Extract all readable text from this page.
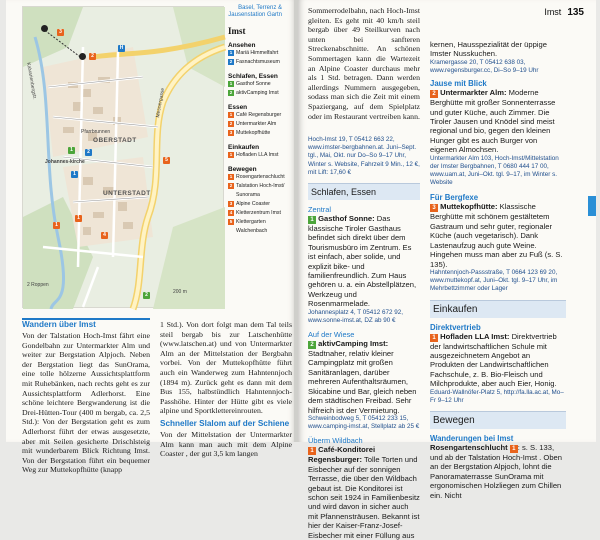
Basel, Terrenz &
Jausenstation Gartn
OBERSTADT
UNTERSTADT
Mesnergasse
Kalvarienbergstr.
Pfarrbrunnen
Johannes-kirche
200 m
2 Roppen
2
3
1
2
1
2
1
1
4
5
H
Imst
Ansehen
1 Mariä Himmelfahrt
2 Fasnachtsmuseum
Schlafen, Essen
1 Gasthof Sonne
2 aktivCamping Imst
Essen
1 Café Regensburger
2 Untermarkter Alm
3 Muttekopfhütte
Einkaufen
1 Hofladen LLA Imst
Bewegen
1 Rosengartenschlucht
2 Talstation Hoch-Imst/
Sunorama
3 Alpine Coaster
4 Kletterzentrum Imst
5 Klettergarten
Walchenbach
Wandern über Imst
Von der Talstation Hoch-Imst fährt eine Gondelbahn zur Untermarkter Alm und weiter zur Bergstation Alpjoch. Neben der Bergstation liegt das SunOrama, eine tolle hölzerne Aussichtsplattform mit Ruhebänken, nach rechts geht es zur Aussichtsplattform Adlerhorst. Eine schöne leichtere Bergwanderung ist die Drei-Hütten-Tour (400 m bergab, ca. 2,5 Std.): Von der Bergstation geht es zum Adlerhorst führt der etwas ausgesetzte, aber mit Seilen gesicherte Drischlsteig mit wunderbarem Blick Richtung Imst. Von der Bergstation führt ein bequemer Weg zur Muttekopfhütte (knapp
1 Std.). Von dort folgt man dem Tal teils steil bergab bis zur Latschenhütte (www.latschen.at) und von Untermarkter Alm an der Mittelstation der Bergbahn vorbei. Von der Muttekopfhütte führt auch ein Wanderweg zum Hahntennjoch (1894 m). Zurück geht es dann mit dem Bus 155, halbstündlich Hahntennjoch-Passhöhe. Hinter der Hütte gibt es viele alpine und Sportklettereinrouten.
Schneller Slalom auf der Schiene
Von der Mittelstation der Untermarkter Alm kann man auch mit dem Alpine Coaster , der gut 3,5 km langen
Imst 135
Sommerrodelbahn, nach Hoch-Imst gleiten. Es geht mit 40 km/h steil bergab über 49 Steilkurven nach unten bei sanfteren Streckenabschnitte. An schönen Sommertagen kann die Wartezeit an Alpine Coaster durchaus mehr als 1 Std. betragen. Dann werden allerdings Nummern ausgegeben, sodass man sich die Zeit mit einem Spaziergang, auf dem Spielplatz oder im Restaurant vertreiben kann.
Hoch-Imst 19, T 05412 663 22, www.imster-bergbahnen.at. Juni–Sept. tgl., Mai, Okt. nur Do–So 9–17 Uhr, Winter s. Website, Fahrzeit 9 Min., 12 €, mit Lift: 17,60 €
Schlafen, Essen
Zentral
1 Gasthof Sonne: Das klassische Tiroler Gasthaus befindet sich direkt über dem Tourismusbüro im Zentrum. Es ist einfach, aber solide, und explizit bike- und familienfreundlich. Zum Haus gehören u. a. ein Abstellplätzen, Werkzeug und Rosenmarmelade.
Johannesplatz 4, T 05412 672 92, www.sonne-imst.at, DZ ab 90 €
Auf der Wiese
2 aktivCamping Imst: Stadtnaher, relativ kleiner Campingplatz mit großen Sanitäranlagen, darüber mehreren Aufenthaltsräumen, Skicabine und Bar, gleich neben dem städtischen Freibad. Sehr hilfreich ist der Vermietung.
Schweinbodweg 5, T 05412 233 15, www.camping-imst.at, Stellplatz ab 25 €
Überm Wildbach
1 Café-Konditorei Regensburger: Tolle Torten und Eisbecher auf der sonnigen Terrasse, die über den Wildbach gebaut ist. Die Konditorei ist schon seit 1924 in Familienbesitz und wird davon in sicher auch mit Pfannensträusen. Bekannt ist hier der Kaiser-Franz-Josef-Eisbecher mit einer Füllung aus
kernen, Hausspezialität der üppige Imster Nusskuchen.
Kramergasse 20, T 05412 638 03, www.regensburger.cc, Di–So 9–19 Uhr
Jause mit Blick
2 Untermarkter Alm: Moderne Berghütte mit großer Sonnenterrasse und guter Küche, auch Zimmer. Die Tiroler Jausen und Knödel sind meist regional und bio, gegen den kleinen Hunger gibt es auch Burger von eigenen Almochsen.
Untermarkter Alm 103, Hoch-Imst/Mittelstation der Imster Bergbahnen, T 0680 444 17 00, www.uam.at, Juni–Okt. tgl. 9–17, im Winter s. Website
Für Bergfexe
3 Muttekopfhütte: Klassische Berghütte mit schönem gestältetem Gastraum und sehr guter, regionaler Küche (auch vegetarisch). Dank Lastenaufzug auch gute Weine. Hingehen muss man aber zu Fuß (s. S. 135).
Hahntennjoch-Passstraße, T 0664 123 69 20, www.muttekopf.at, Juni–Okt. tgl. 9–17 Uhr, im Mehrbettzimmer oder Lager
Einkaufen
Direktvertrieb
1 Hofladen LLA Imst: Direktvertrieb der landwirtschaftlichen Schule mit ausgezeichnetem Angebot an Produkten der Landwirtschaftlichen Fachschule, z. B. Bio-Fleisch und Milchprodukte, aber auch Eier, Honig.
Eduard-Wallnöfer-Platz 5, http://fa.lla.ac.at, Mo–Fr 9–12 Uhr
Bewegen
Wanderungen bei Imst
Rosengartenschlucht 1 : s. S. 133, und ab der Talstation Hoch-Imst . Oben an der Bergstation Alpjoch, lohnt die Panoramaterrasse SunOrama mit ergonomischen Holzliegen zum Chillen ein. Nicht
